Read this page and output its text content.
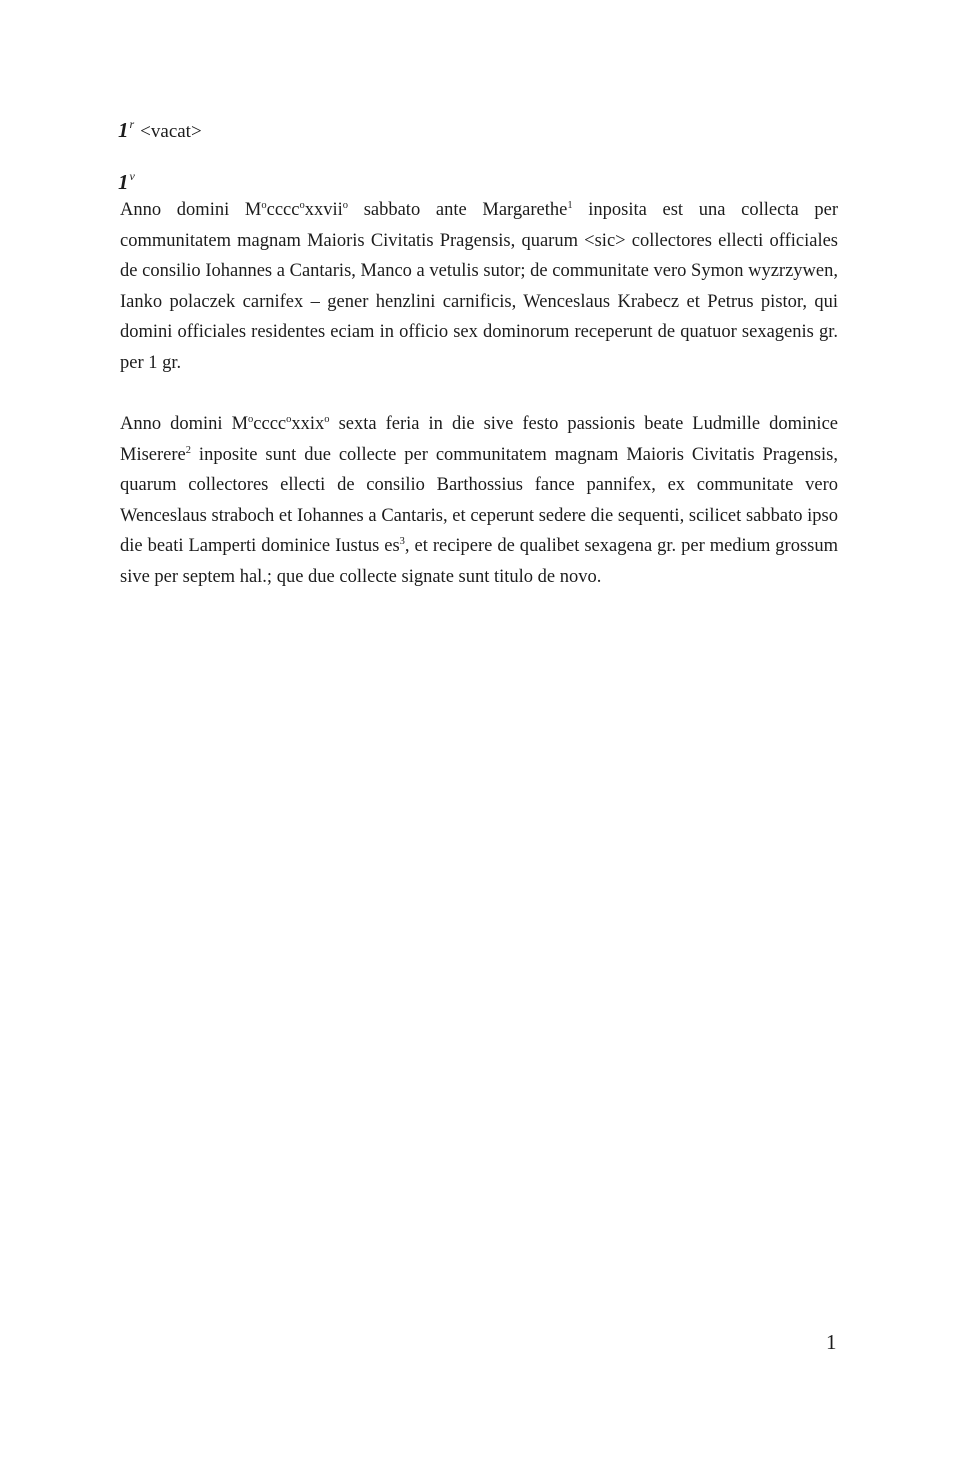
$1^r$ <vacat>
$1^v$

Anno domini $M^occcc^oxxvii^o$ sabbato ante Margarethe$^1$ inposita est una collecta per communitatem magnam Maioris Civitatis Pragensis, quarum <sic> collectores ellecti officiales de consilio Iohannes a Cantaris, Manco a vetulis sutor; de communitate vero Symon wyzrzywen, Ianko polaczek carnifex – gener henzlini carnificis, Wenceslaus Krabecz et Petrus pistor, qui domini officiales residentes eciam in officio sex dominorum receperunt de quatuor sexagenis gr. per 1 gr.

Anno domini $M^occcc^oxxix^o$ sexta feria in die sive festo passionis beate Ludmille dominice Miserere$^2$ inposite sunt due collecte per communitatem magnam Maioris Civitatis Pragensis, quarum collectores ellecti de consilio Barthossius fance pannifex, ex communitate vero Wenceslaus straboch et Iohannes a Cantaris, et ceperunt sedere die sequenti, scilicet sabbato ipso die beati Lamperti dominice Iustus $es^3$, et recipere de qualibet sexagena gr. per medium grossum sive per septem hal.; que due collecte signate sunt titulo de novo.

1
